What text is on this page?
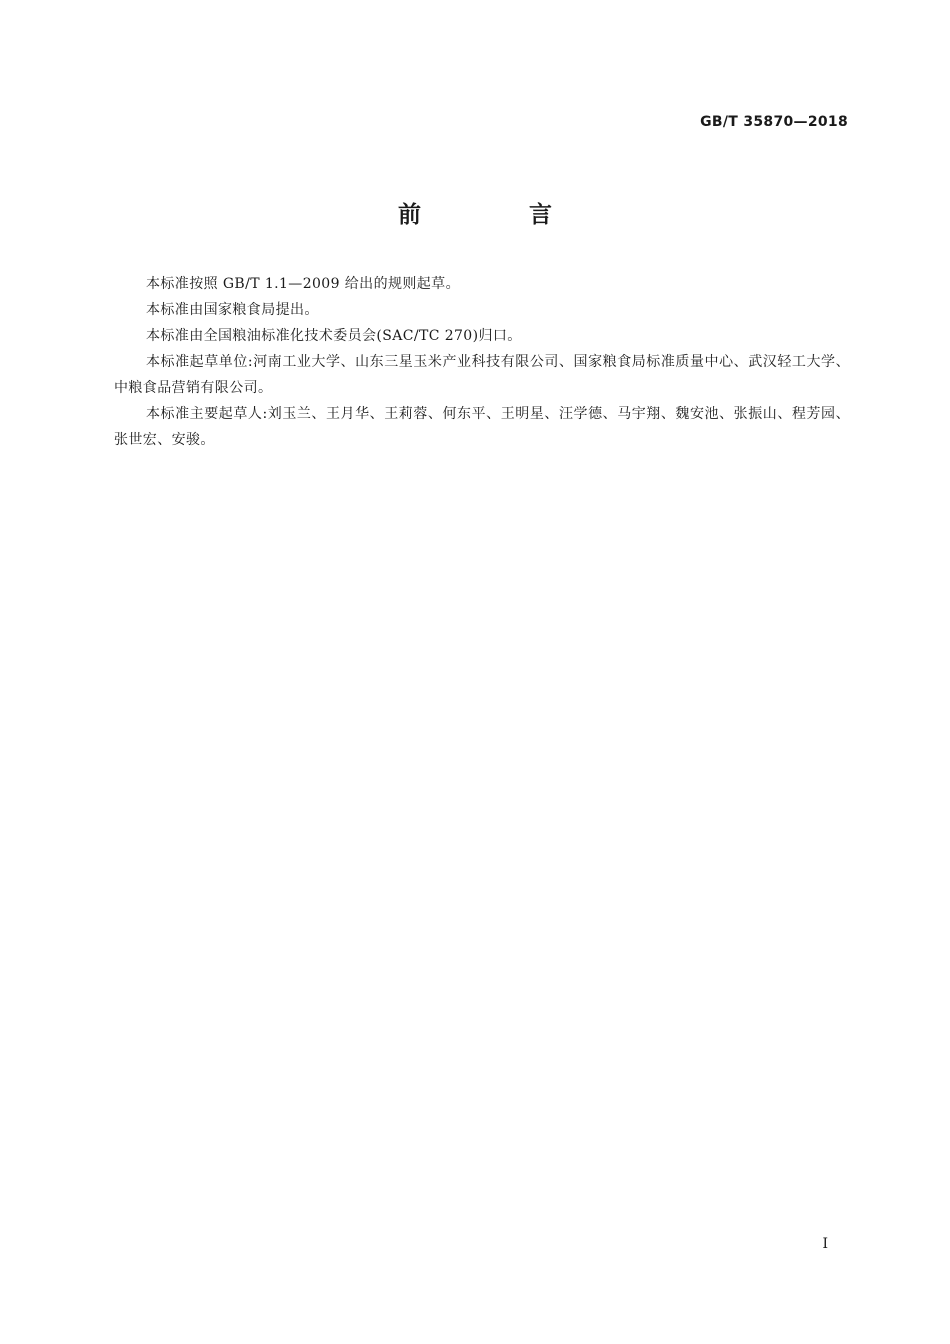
GB/T 35870—2018
前 言

本标准按照 GB/T 1.1—2009 给出的规则起草。

本标准由国家粮食局提出。

本标准由全国粮油标准化技术委员会(SAC/TC 270)归口。

本标准起草单位:河南工业大学、山东三星玉米产业科技有限公司、国家粮食局标准质量中心、武汉轻工大学、中粮食品营销有限公司。

本标准主要起草人:刘玉兰、王月华、王莉蓉、何东平、王明星、汪学德、马宇翔、魏安池、张振山、程芳园、张世宏、安骏。

I
